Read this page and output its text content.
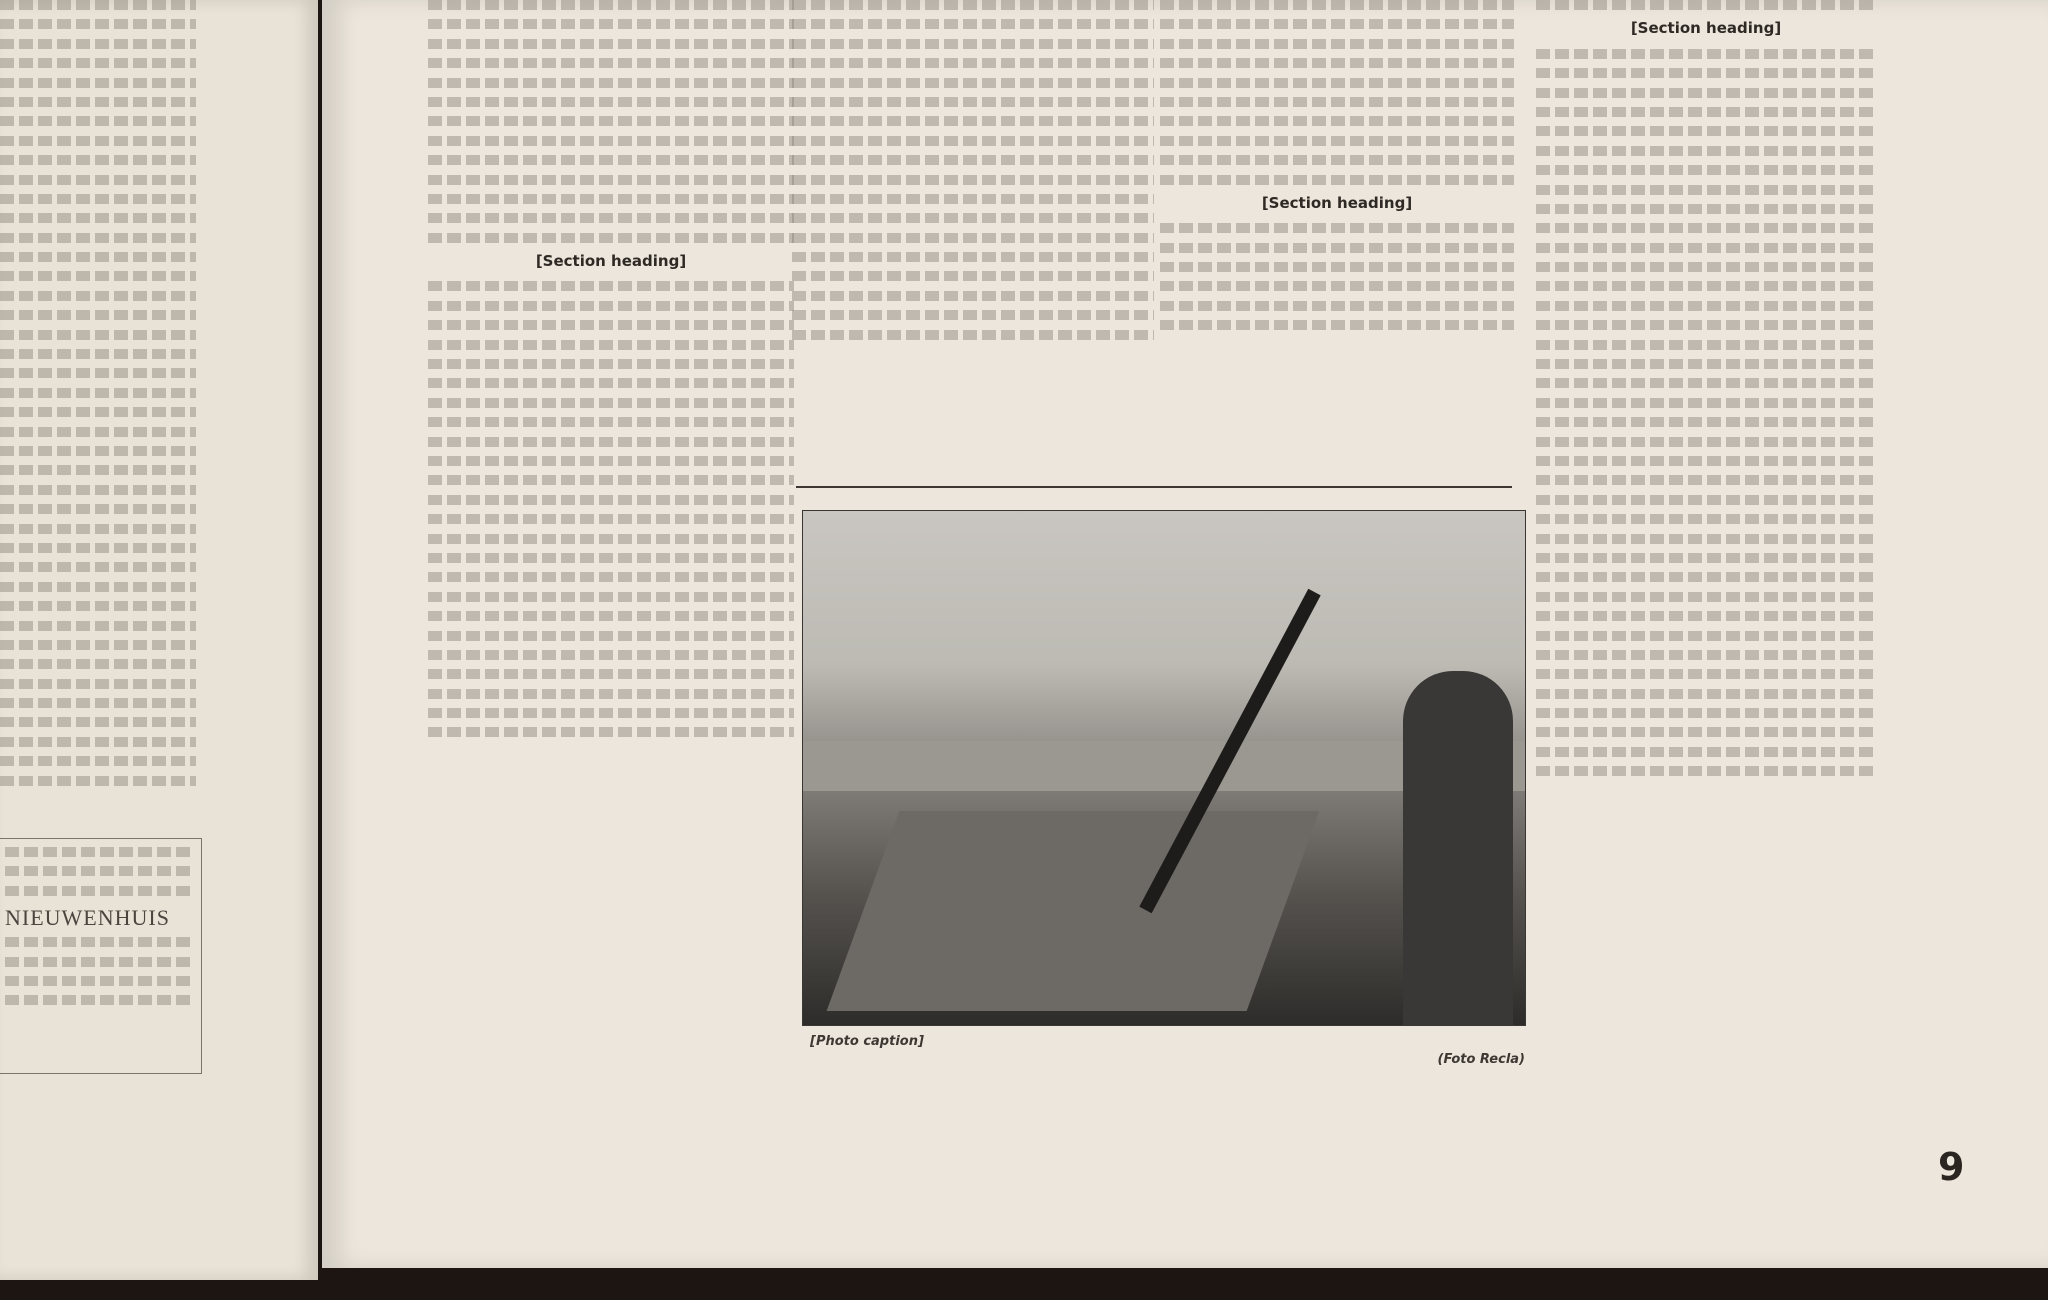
NIEUWENHUIS
[Section heading]
[Section heading]
[Section heading]
[Photo caption]
(Foto Recla)
9
